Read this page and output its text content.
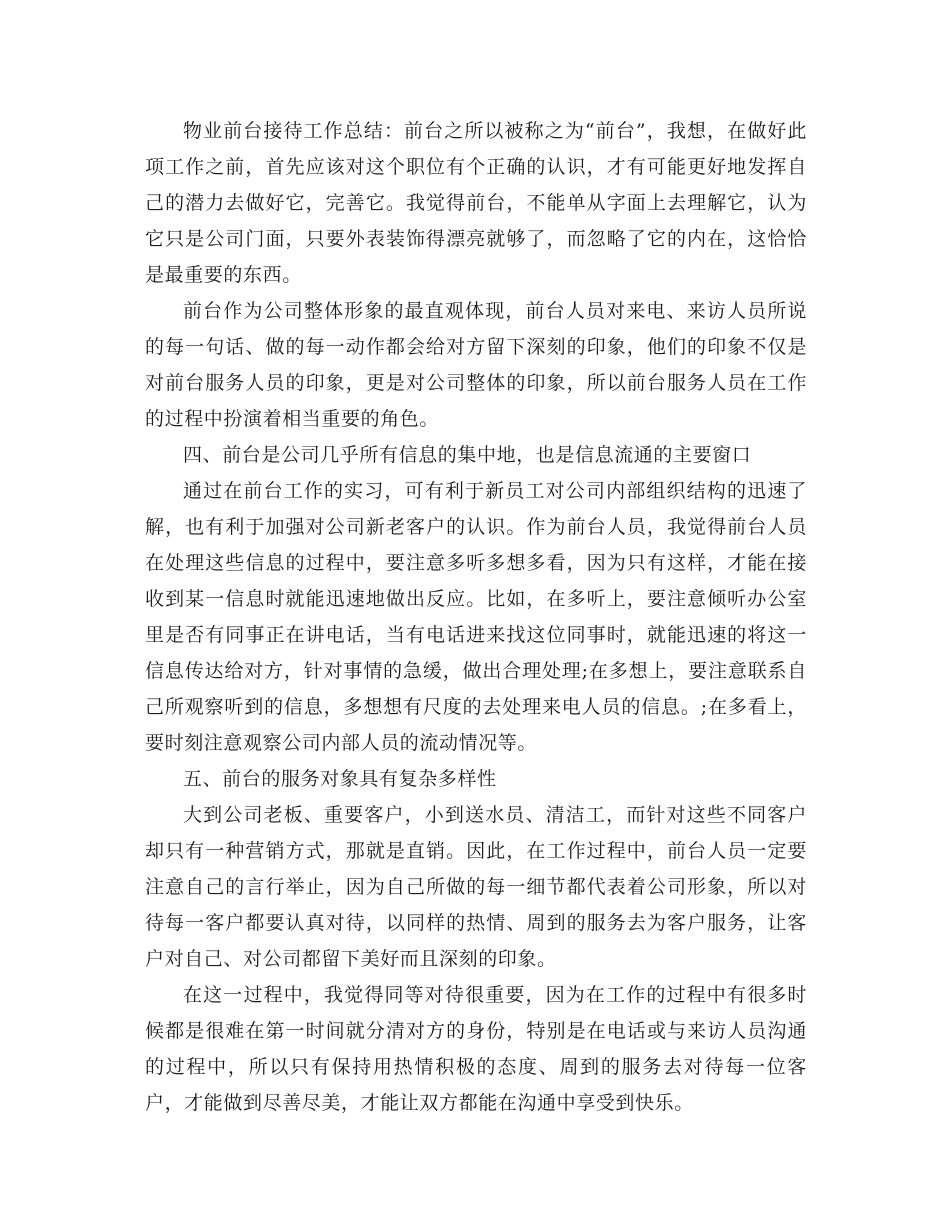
物业前台接待工作总结：前台之所以被称之为“前台”，我想，在做好此项工作之前，首先应该对这个职位有个正确的认识，才有可能更好地发挥自己的潜力去做好它，完善它。我觉得前台，不能单从字面上去理解它，认为它只是公司门面，只要外表装饰得漂亮就够了，而忽略了它的内在，这恰恰是最重要的东西。

前台作为公司整体形象的最直观体现，前台人员对来电、来访人员所说的每一句话、做的每一动作都会给对方留下深刻的印象，他们的印象不仅是对前台服务人员的印象，更是对公司整体的印象，所以前台服务人员在工作的过程中扮演着相当重要的角色。

四、前台是公司几乎所有信息的集中地，也是信息流通的主要窗口

通过在前台工作的实习，可有利于新员工对公司内部组织结构的迅速了解，也有利于加强对公司新老客户的认识。作为前台人员，我觉得前台人员在处理这些信息的过程中，要注意多听多想多看，因为只有这样，才能在接收到某一信息时就能迅速地做出反应。比如，在多听上，要注意倾听办公室里是否有同事正在讲电话，当有电话进来找这位同事时，就能迅速的将这一信息传达给对方，针对事情的急缓，做出合理处理;在多想上，要注意联系自己所观察听到的信息，多想想有尺度的去处理来电人员的信息。;在多看上，要时刻注意观察公司内部人员的流动情况等。

五、前台的服务对象具有复杂多样性

大到公司老板、重要客户，小到送水员、清洁工，而针对这些不同客户却只有一种营销方式，那就是直销。因此，在工作过程中，前台人员一定要注意自己的言行举止，因为自己所做的每一细节都代表着公司形象，所以对待每一客户都要认真对待，以同样的热情、周到的服务去为客户服务，让客户对自己、对公司都留下美好而且深刻的印象。

在这一过程中，我觉得同等对待很重要，因为在工作的过程中有很多时候都是很难在第一时间就分清对方的身份，特别是在电话或与来访人员沟通的过程中，所以只有保持用热情积极的态度、周到的服务去对待每一位客户，才能做到尽善尽美，才能让双方都能在沟通中享受到快乐。
